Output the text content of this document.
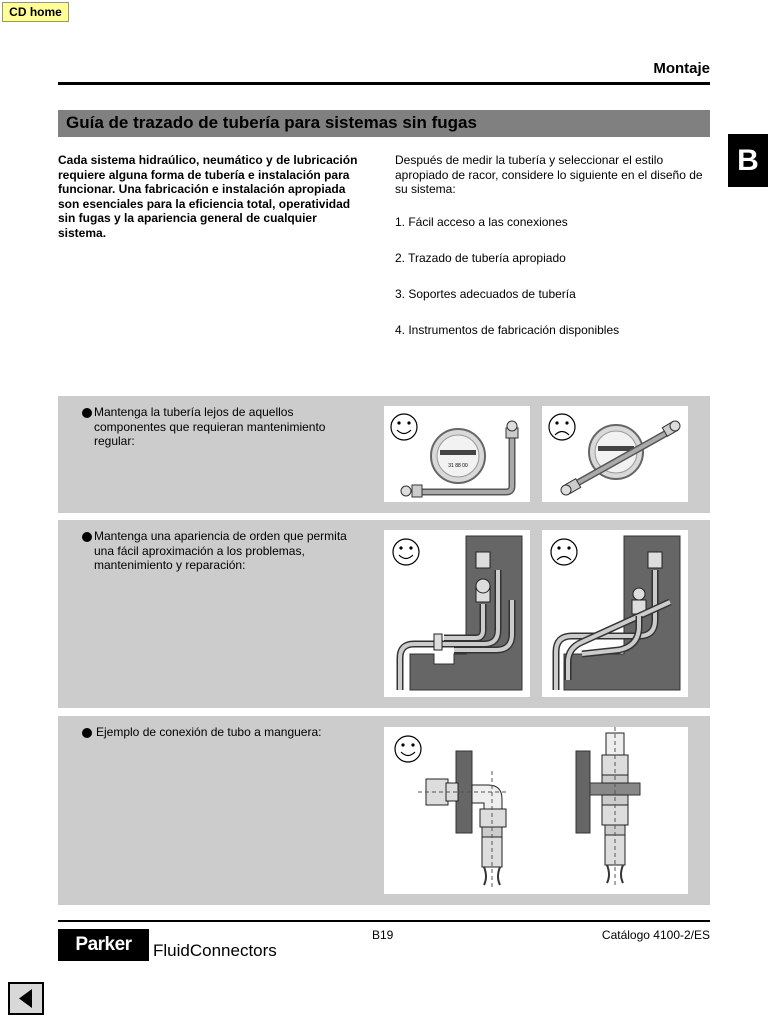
CD home
Montaje
B
Guía de trazado de tubería para sistemas sin fugas
Cada sistema hidraúlico, neumático y de lubricación requiere alguna forma de tubería e instalación para funcionar. Una fabricación e instalación apropiada son esenciales para la eficiencia total, operatividad sin fugas y la apariencia general de cualquier sistema.
Después de medir la tubería y seleccionar el estilo apropiado de racor, considere lo siguiente en el diseño de su sistema:
1. Fácil acceso a las conexiones
2. Trazado de tubería apropiado
3. Soportes adecuados de tubería
4. Instrumentos de fabricación disponibles
Mantenga la tubería lejos de aquellos componentes que requieran mantenimiento regular:
31 88 00
Mantenga una apariencia de orden que permita una fácil aproximación a los problemas, mantenimiento y reparación:
Ejemplo de conexión de tubo a manguera:
B19	Catálogo 4100-2/ES
Parker	FluidConnectors
